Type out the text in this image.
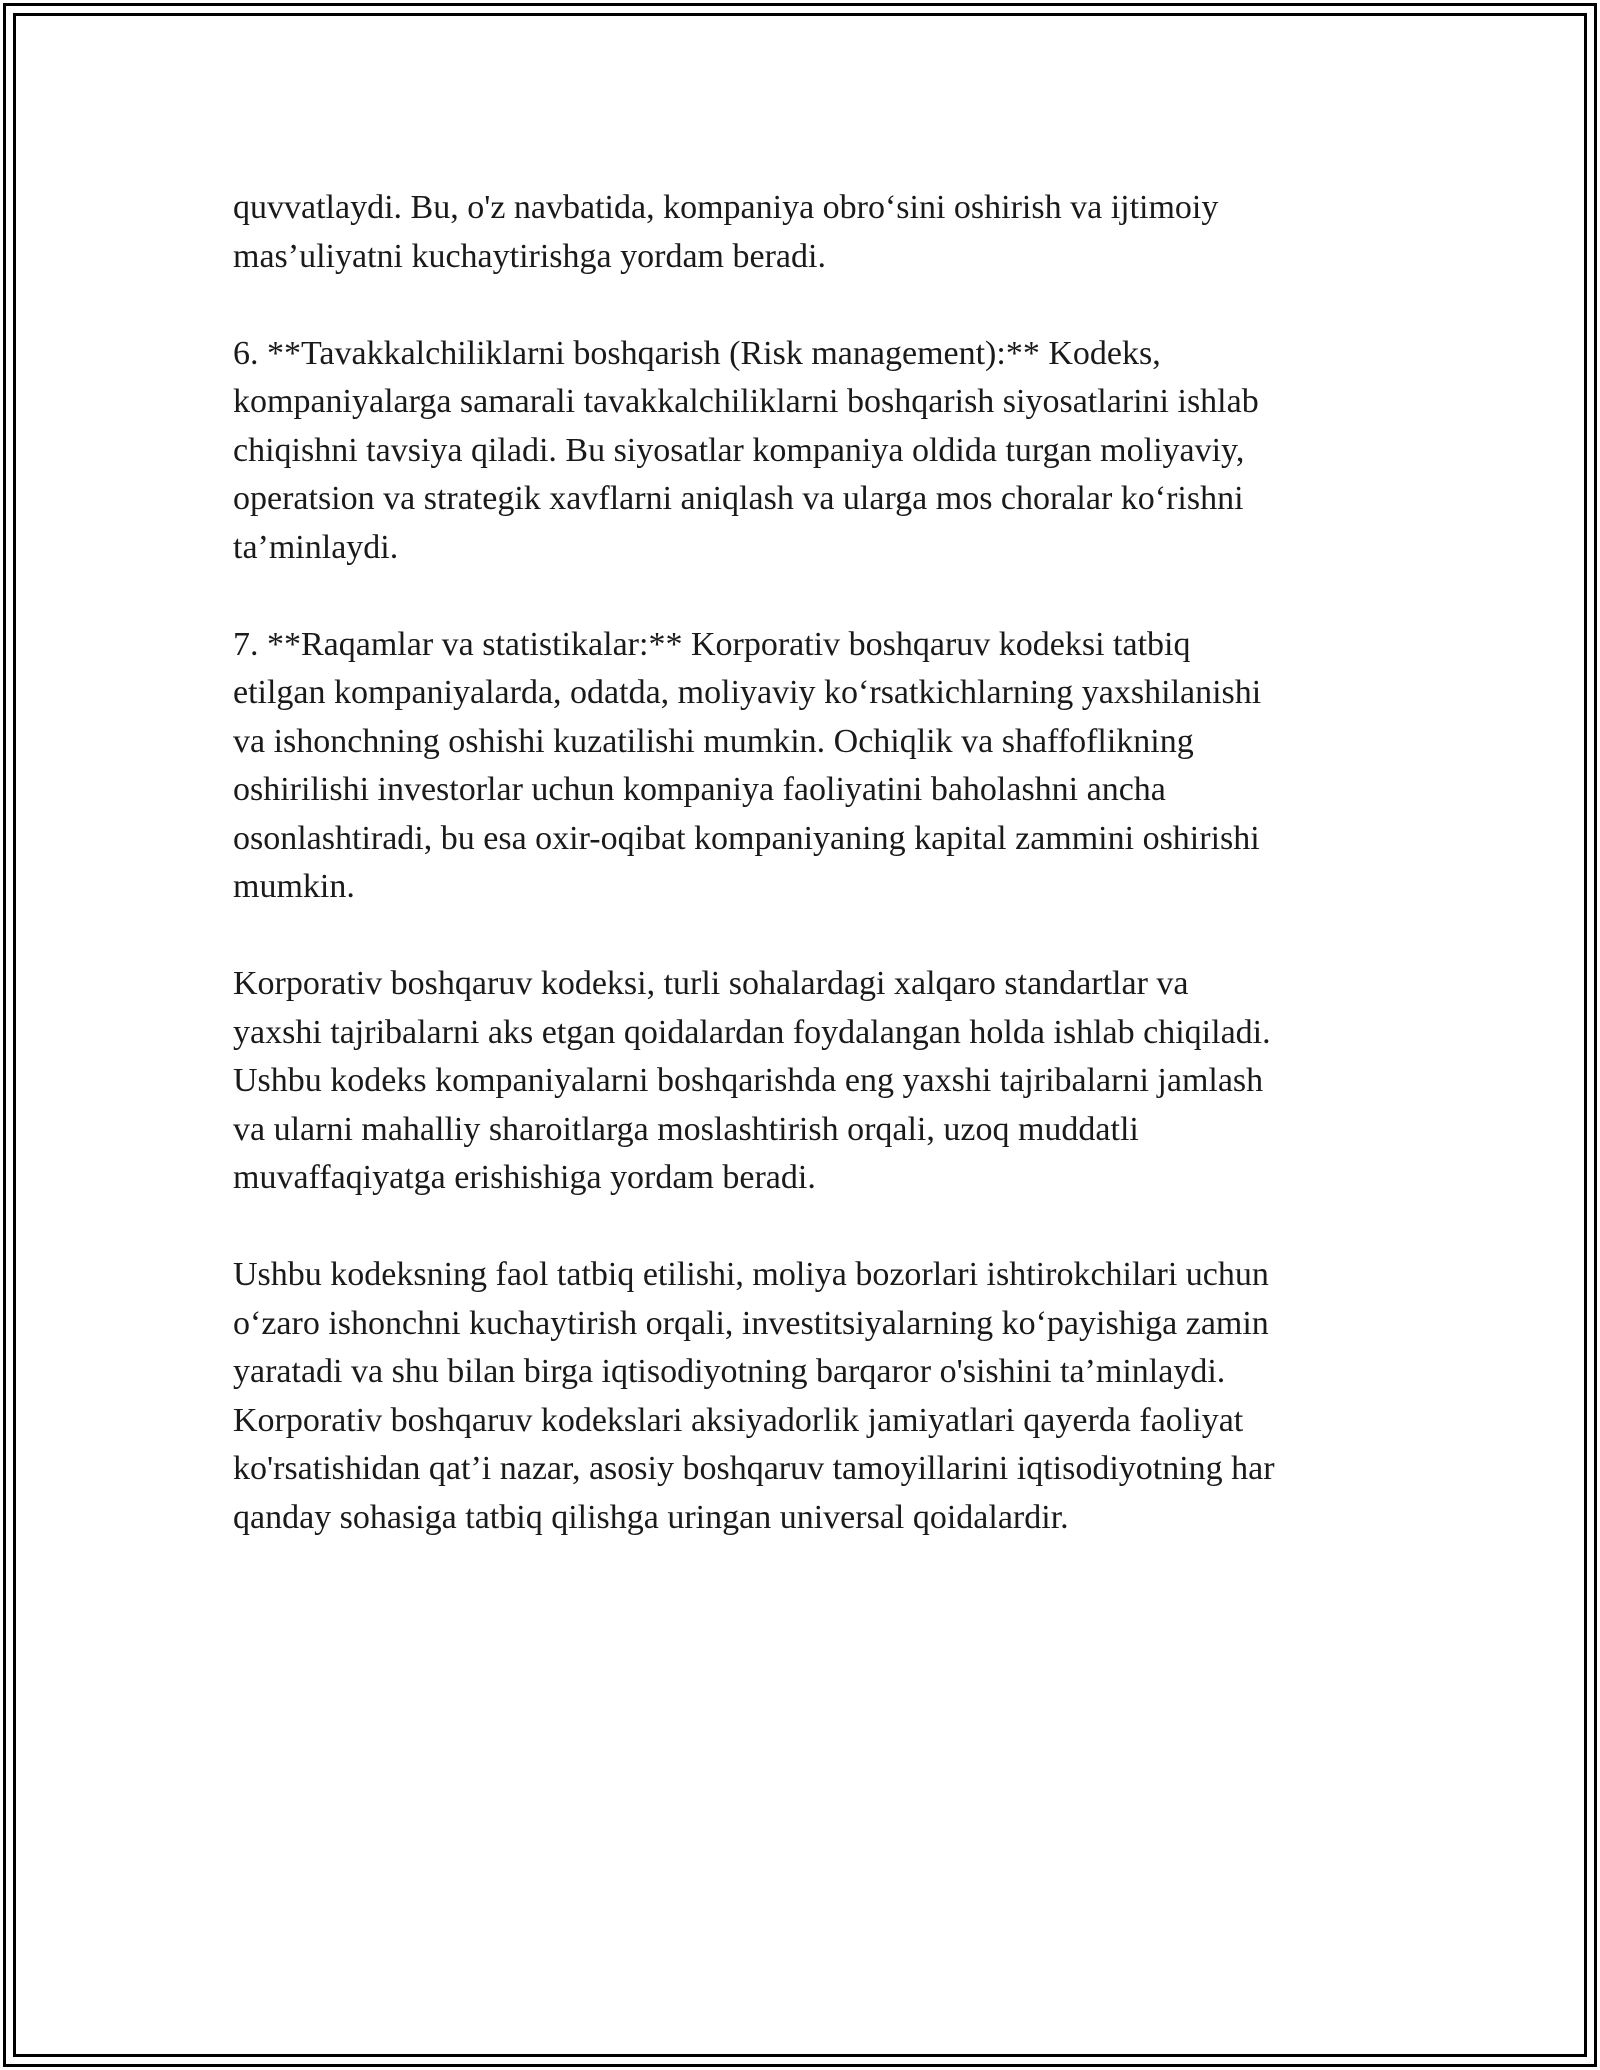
quvvatlaydi. Bu, o'z navbatida, kompaniya obro‘sini oshirish va ijtimoiy
mas’uliyatni kuchaytirishga yordam beradi.

6. **Tavakkalchiliklarni boshqarish (Risk management):** Kodeks,
kompaniyalarga samarali tavakkalchiliklarni boshqarish siyosatlarini ishlab
chiqishni tavsiya qiladi. Bu siyosatlar kompaniya oldida turgan moliyaviy,
operatsion va strategik xavflarni aniqlash va ularga mos choralar ko‘rishni
ta’minlaydi.

7. **Raqamlar va statistikalar:** Korporativ boshqaruv kodeksi tatbiq
etilgan kompaniyalarda, odatda, moliyaviy ko‘rsatkichlarning yaxshilanishi
va ishonchning oshishi kuzatilishi mumkin. Ochiqlik va shaffoflikning
oshirilishi investorlar uchun kompaniya faoliyatini baholashni ancha
osonlashtiradi, bu esa oxir-oqibat kompaniyaning kapital zammini oshirishi
mumkin.

Korporativ boshqaruv kodeksi, turli sohalardagi xalqaro standartlar va
yaxshi tajribalarni aks etgan qoidalardan foydalangan holda ishlab chiqiladi.
Ushbu kodeks kompaniyalarni boshqarishda eng yaxshi tajribalarni jamlash
va ularni mahalliy sharoitlarga moslashtirish orqali, uzoq muddatli
muvaffaqiyatga erishishiga yordam beradi.

Ushbu kodeksning faol tatbiq etilishi, moliya bozorlari ishtirokchilari uchun
o‘zaro ishonchni kuchaytirish orqali, investitsiyalarning ko‘payishiga zamin
yaratadi va shu bilan birga iqtisodiyotning barqaror o'sishini ta’minlaydi.
Korporativ boshqaruv kodekslari aksiyadorlik jamiyatlari qayerda faoliyat
ko'rsatishidan qat’i nazar, asosiy boshqaruv tamoyillarini iqtisodiyotning har
qanday sohasiga tatbiq qilishga uringan universal qoidalardir.
